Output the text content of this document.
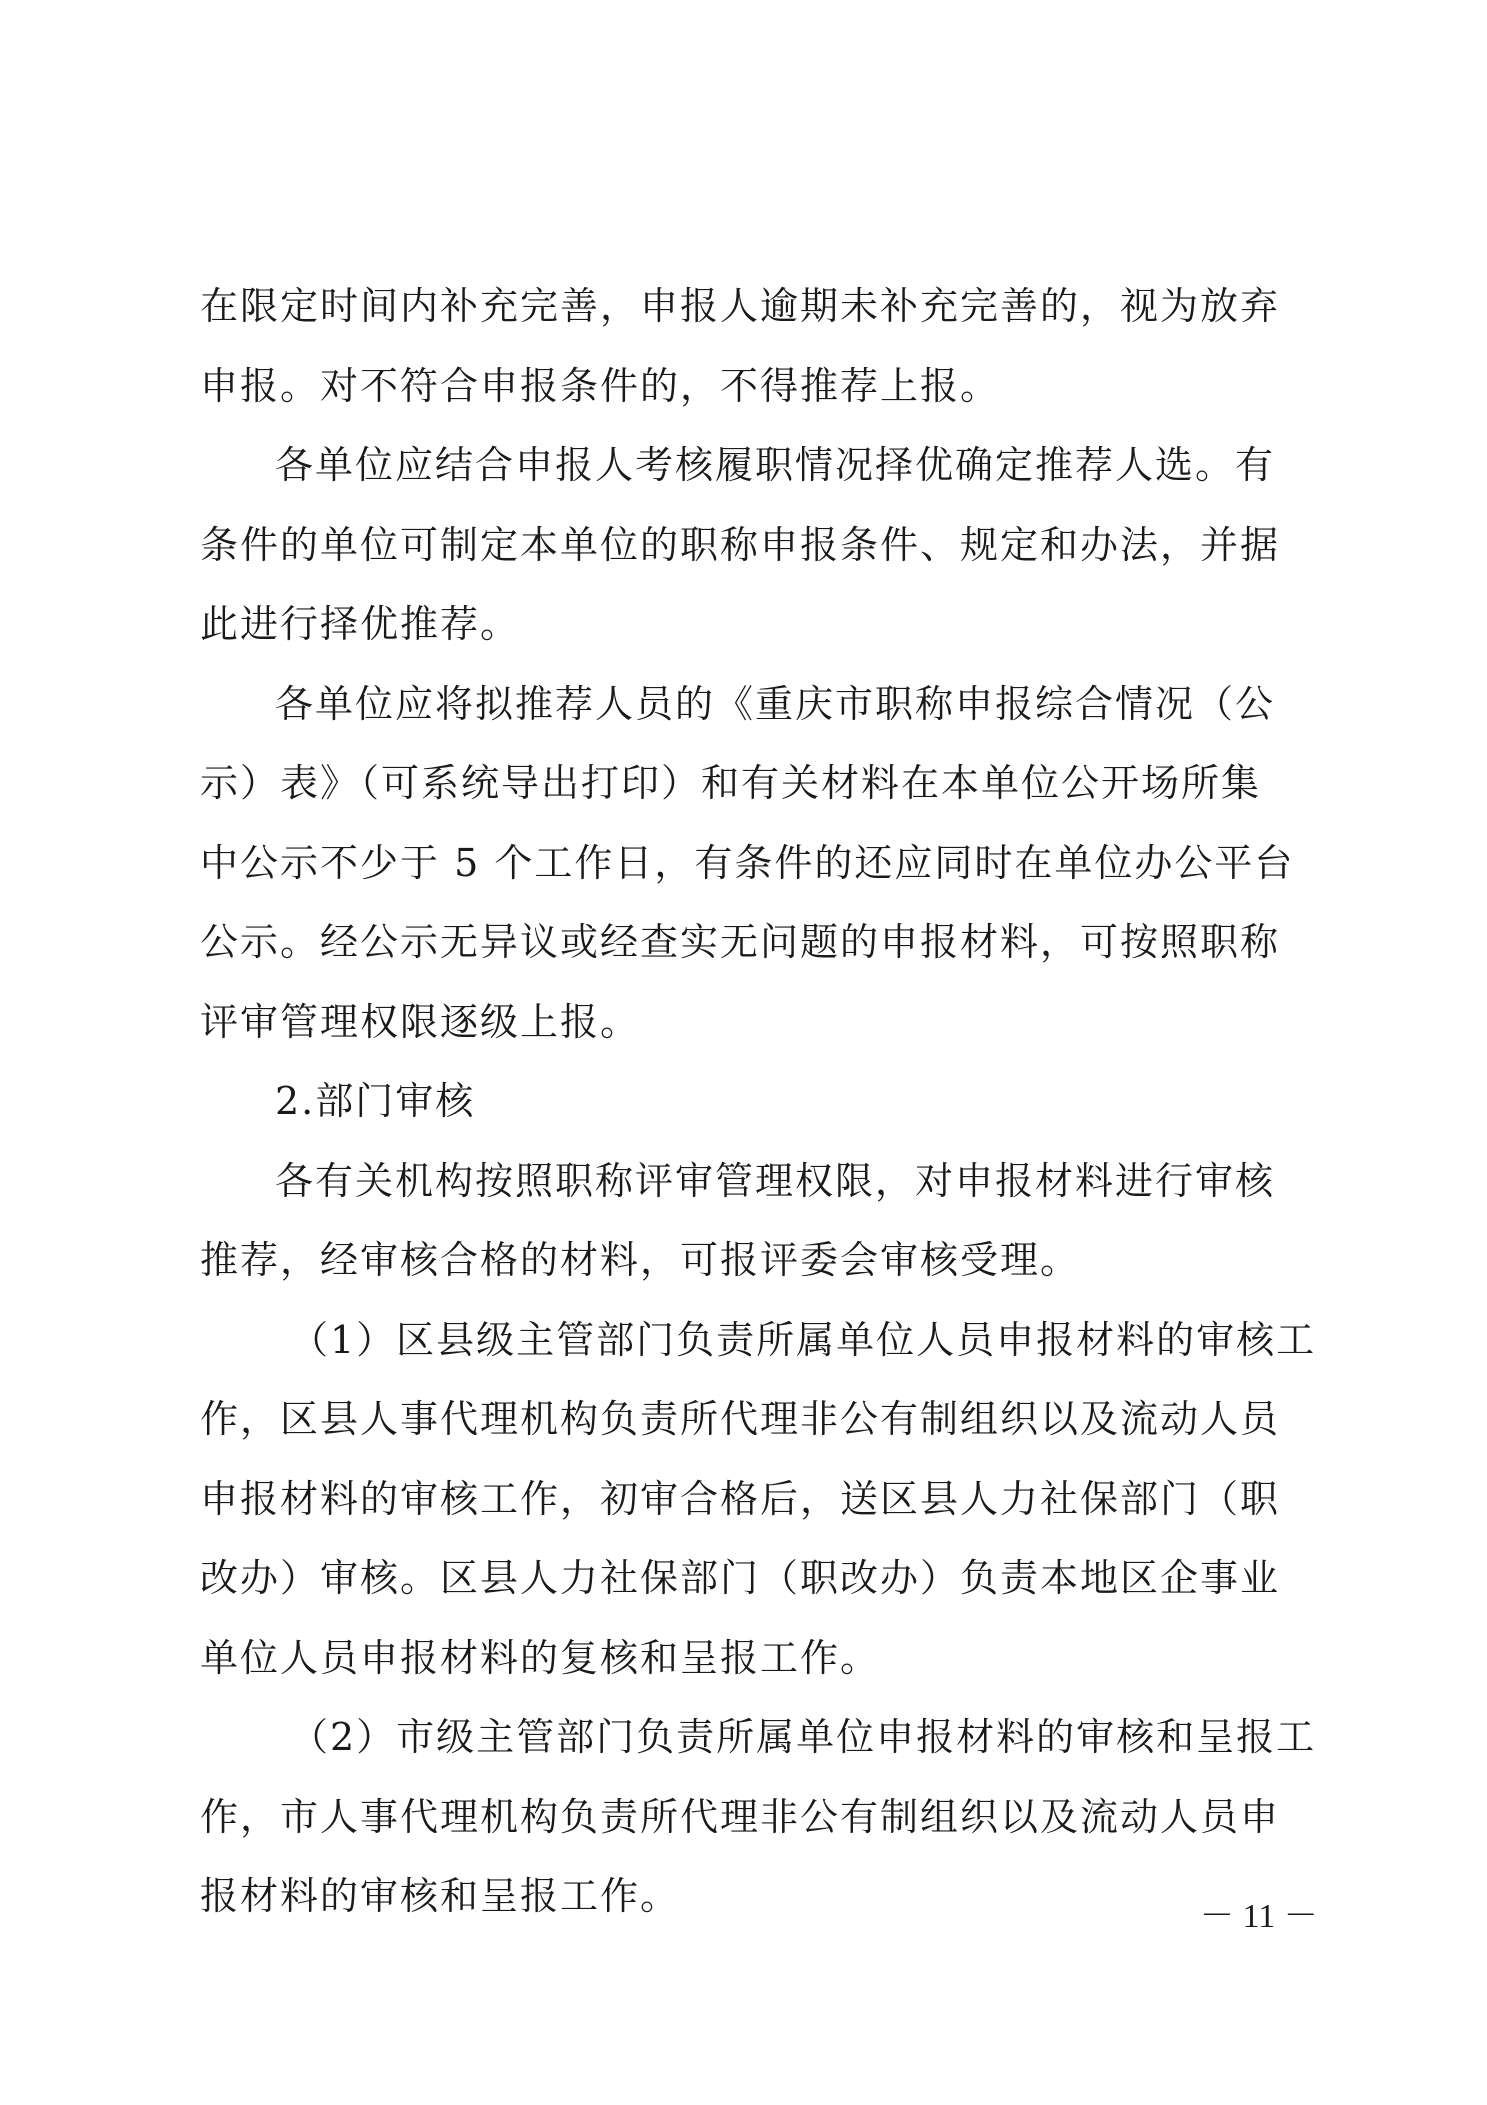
在限定时间内补充完善，申报人逾期未补充完善的，视为放弃

申报。对不符合申报条件的，不得推荐上报。

各单位应结合申报人考核履职情况择优确定推荐人选。有

条件的单位可制定本单位的职称申报条件、规定和办法，并据

此进行择优推荐。

各单位应将拟推荐人员的《重庆市职称申报综合情况（公

示）表》（可系统导出打印）和有关材料在本单位公开场所集

中公示不少于 5 个工作日，有条件的还应同时在单位办公平台

公示。经公示无异议或经查实无问题的申报材料，可按照职称

评审管理权限逐级上报。

2.部门审核

各有关机构按照职称评审管理权限，对申报材料进行审核

推荐，经审核合格的材料，可报评委会审核受理。

（1）区县级主管部门负责所属单位人员申报材料的审核工

作，区县人事代理机构负责所代理非公有制组织以及流动人员

申报材料的审核工作，初审合格后，送区县人力社保部门（职

改办）审核。区县人力社保部门（职改办）负责本地区企事业

单位人员申报材料的复核和呈报工作。

（2）市级主管部门负责所属单位申报材料的审核和呈报工

作，市人事代理机构负责所代理非公有制组织以及流动人员申

报材料的审核和呈报工作。	－ 11 －
